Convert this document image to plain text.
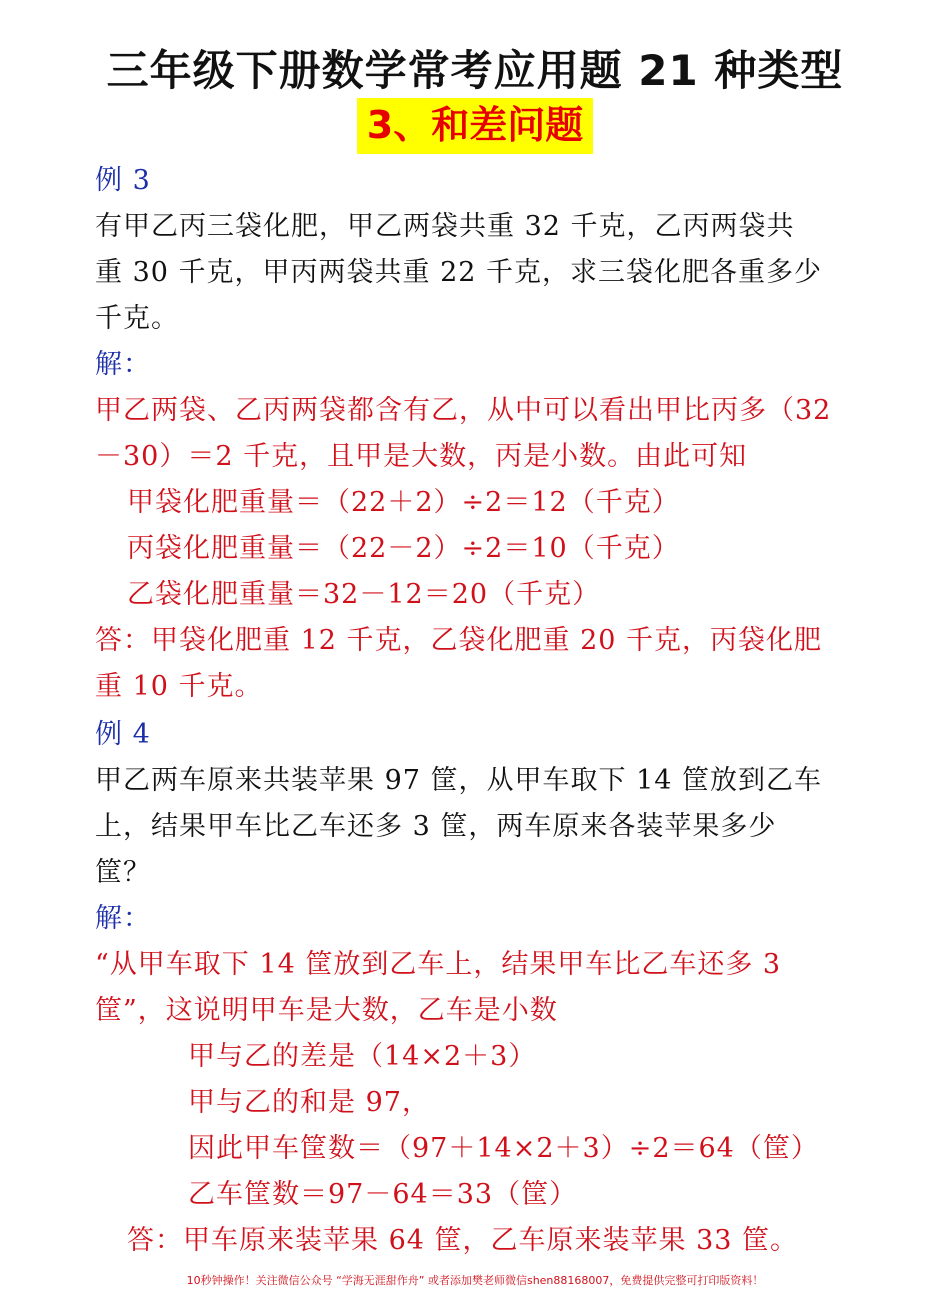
三年级下册数学常考应用题 21 种类型
3、和差问题
例 3
有甲乙丙三袋化肥，甲乙两袋共重 32 千克，乙丙两袋共
重 30 千克，甲丙两袋共重 22 千克，求三袋化肥各重多少
千克。
解：
甲乙两袋、乙丙两袋都含有乙，从中可以看出甲比丙多（32
－30）＝2 千克，且甲是大数，丙是小数。由此可知
甲袋化肥重量＝（22＋2）÷2＝12（千克）
丙袋化肥重量＝（22－2）÷2＝10（千克）
乙袋化肥重量＝32－12＝20（千克）
答：甲袋化肥重 12 千克，乙袋化肥重 20 千克，丙袋化肥
重 10 千克。
例 4
甲乙两车原来共装苹果 97 筐，从甲车取下 14 筐放到乙车
上，结果甲车比乙车还多 3 筐，两车原来各装苹果多少
筐？
解：
“从甲车取下 14 筐放到乙车上，结果甲车比乙车还多 3
筐”，这说明甲车是大数，乙车是小数
甲与乙的差是（14×2＋3）
甲与乙的和是 97，
因此甲车筐数＝（97＋14×2＋3）÷2＝64（筐）
乙车筐数＝97－64＝33（筐）
答：甲车原来装苹果 64 筐，乙车原来装苹果 33 筐。
10秒钟操作！关注微信公众号 “学海无涯甜作舟” 或者添加樊老师微信shen88168007，免费提供完整可打印版资料！
